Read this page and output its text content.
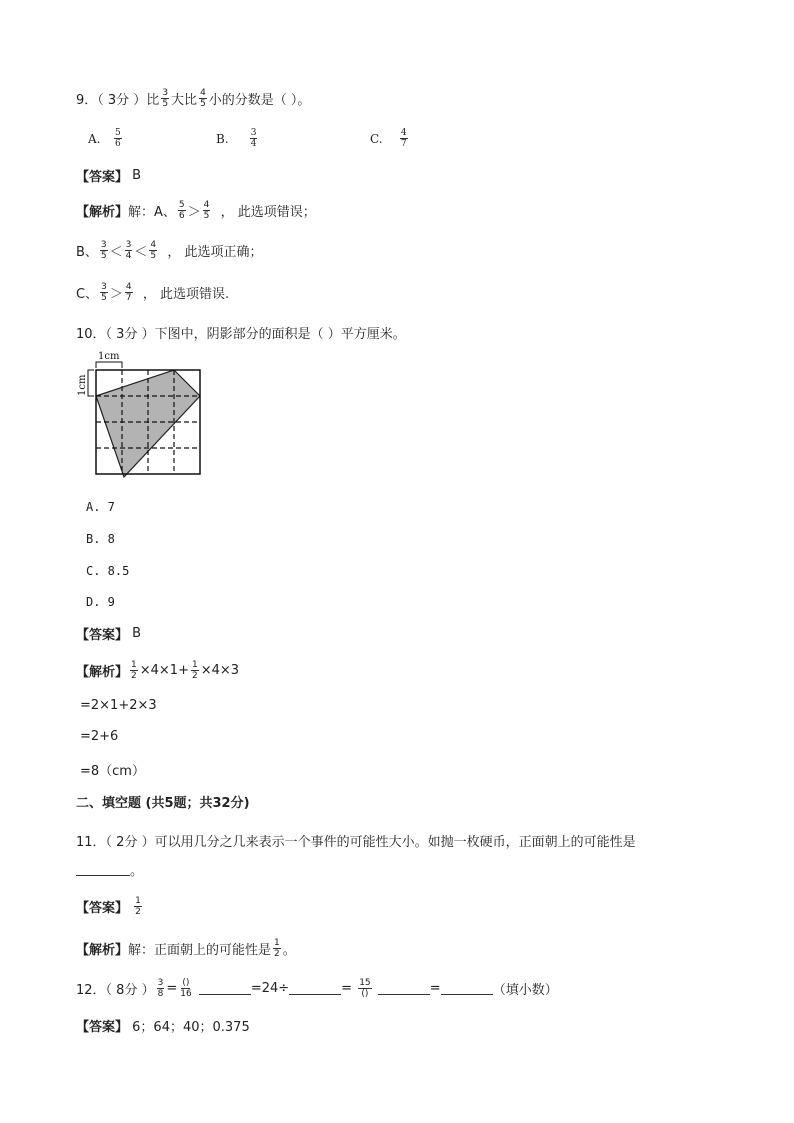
9．（ 3分 ）比 $\frac{3}{5}$ 大比 $\frac{4}{5}$ 小的分数是（ ）。
A.
$\frac{5}{6}$	B.
$\frac{3}{4}$	C.
$\frac{4}{7}$
【答案】
B
【解析】 解：A、 $\frac{5}{6} > \frac{4}{5}$
， 此选项错误；
B、 $\frac{3}{5} < \frac{3}{4} < \frac{4}{5}$
， 此选项正确；
C、 $\frac{3}{5} > \frac{4}{7}$
， 此选项错误.
10．（ 3分 ）下图中，阴影部分的面积是（ ）平方厘米。
1cm
1cm
A. 7
B. 8
C. 8.5
D. 9
【答案】
B
【解析】 $\frac{1}{2} \times 4\times 1+ \frac{1}{2} \times 4\times 3$
=2×1+2×3
=2+6
=8（cm）
二、填空题 (共5题；共32分)
11．（ 2分 ）可以用几分之几来表示一个事件的可能性大小。如抛一枚硬币，正面朝上的可能性是
。
【答案】
$\frac{1}{2}$
【解析】 解：正面朝上的可能性是 $\frac{1}{2}$ 。
12．（ 8分 ） $\frac{3}{8} = \frac{()}{16}$
	=24÷	=
$\frac{15}{()}$
	=	（填小数）
【答案】
6；64；40；0.375
